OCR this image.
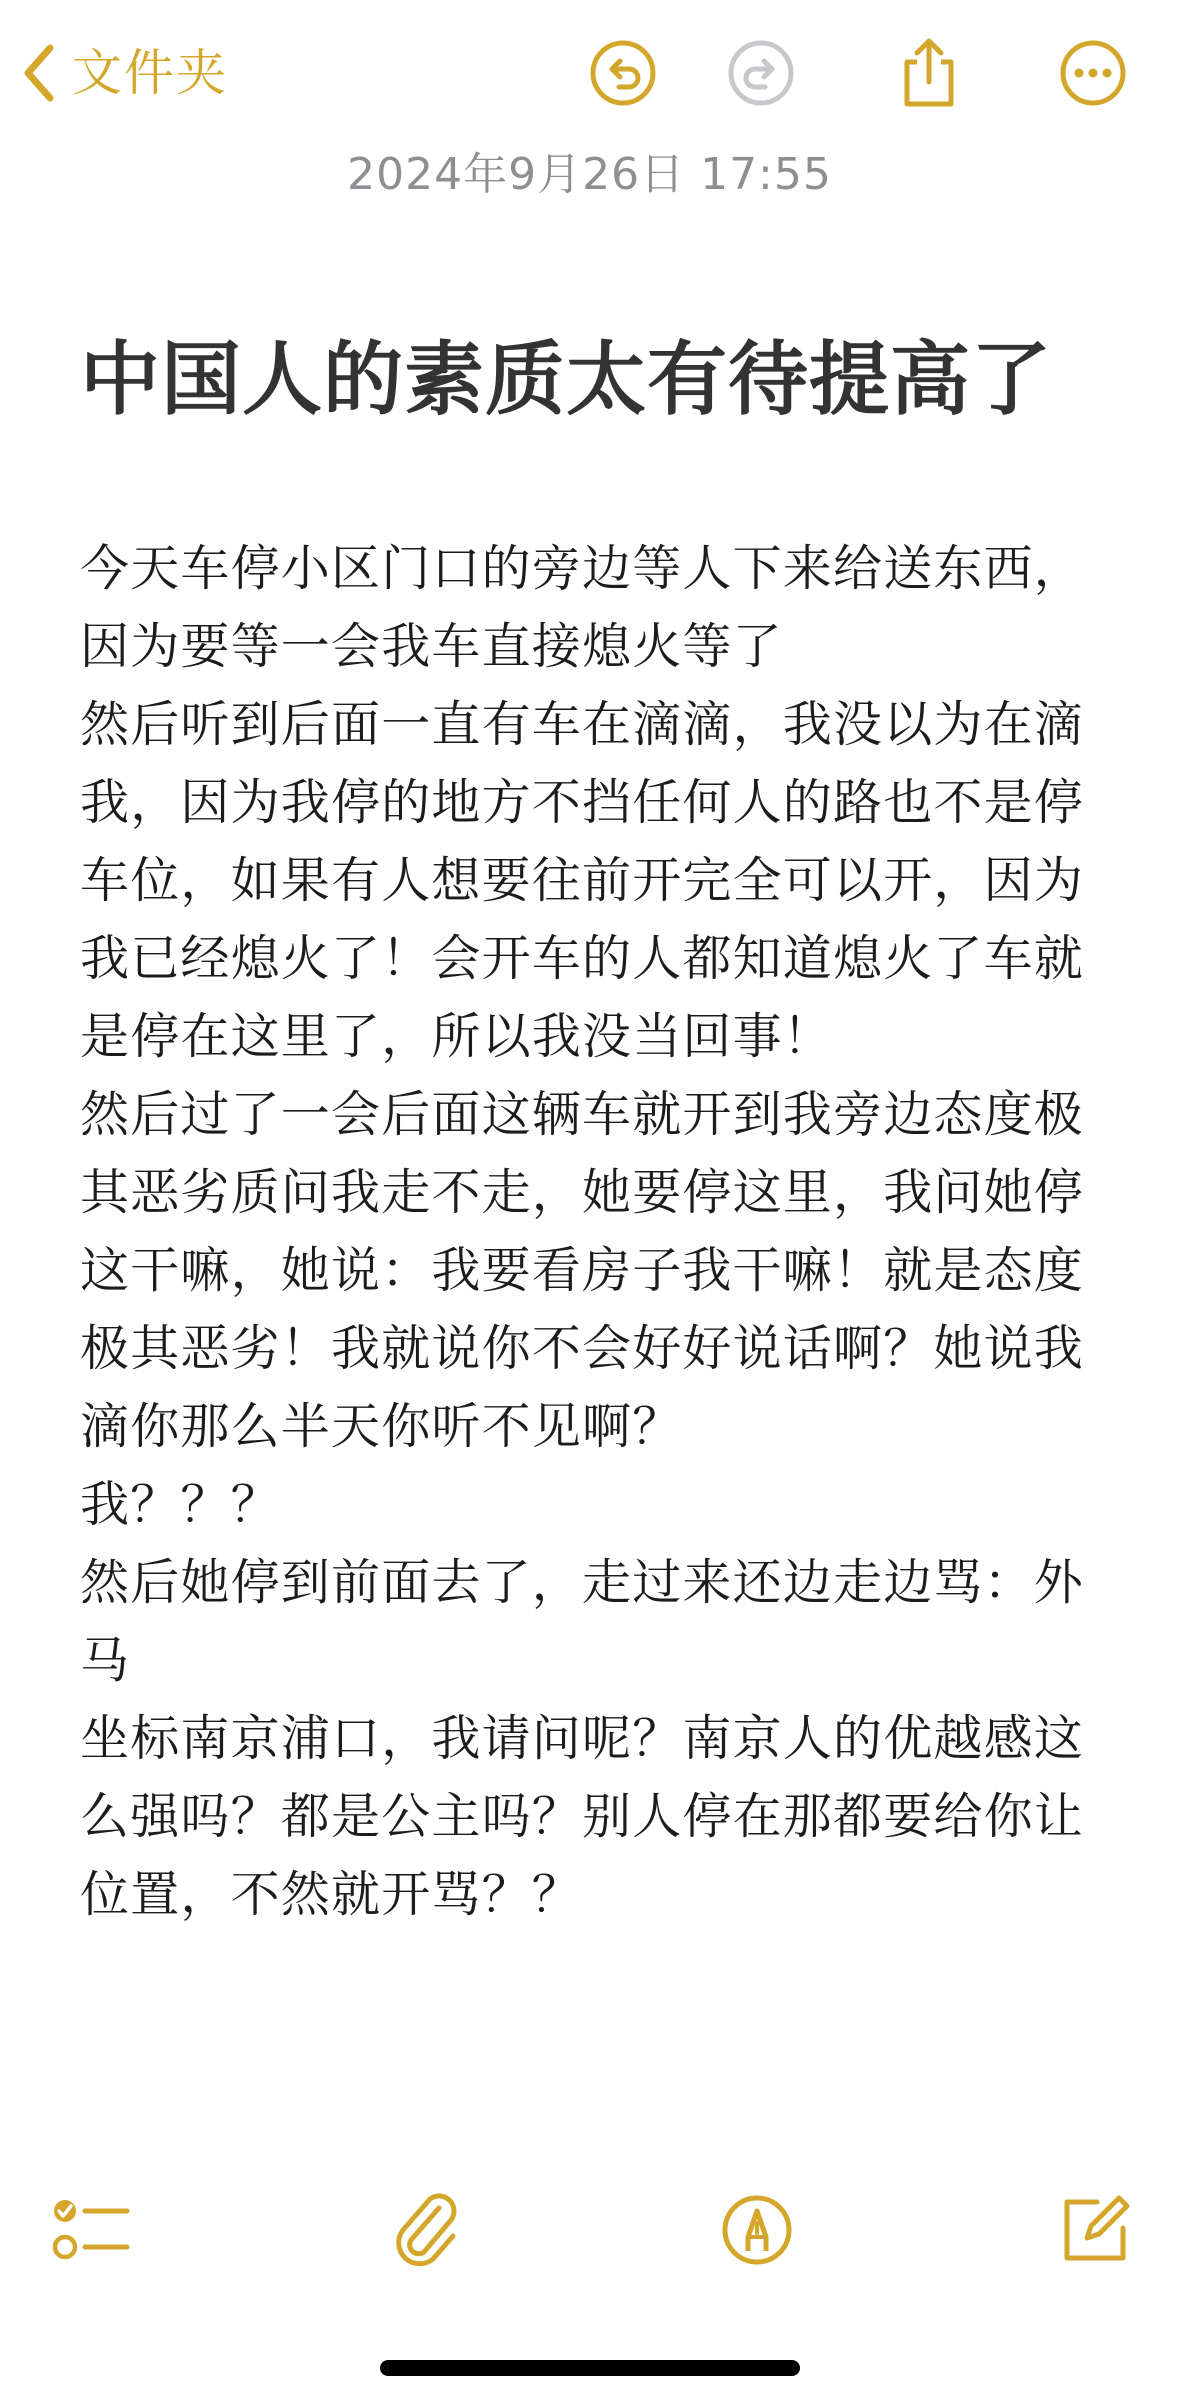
文件夹
2024年9月26日 17:55
中国人的素质太有待提高了
今天车停小区门口的旁边等人下来给送东西，
因为要等一会我车直接熄火等了
然后听到后面一直有车在滴滴，我没以为在滴
我，因为我停的地方不挡任何人的路也不是停
车位，如果有人想要往前开完全可以开，因为
我已经熄火了！会开车的人都知道熄火了车就
是停在这里了，所以我没当回事！
然后过了一会后面这辆车就开到我旁边态度极
其恶劣质问我走不走，她要停这里，我问她停
这干嘛，她说：我要看房子我干嘛！就是态度
极其恶劣！我就说你不会好好说话啊？她说我
滴你那么半天你听不见啊？
我？？？
然后她停到前面去了，走过来还边走边骂：外
马
坐标南京浦口，我请问呢？南京人的优越感这
么强吗？都是公主吗？别人停在那都要给你让
位置，不然就开骂？？
